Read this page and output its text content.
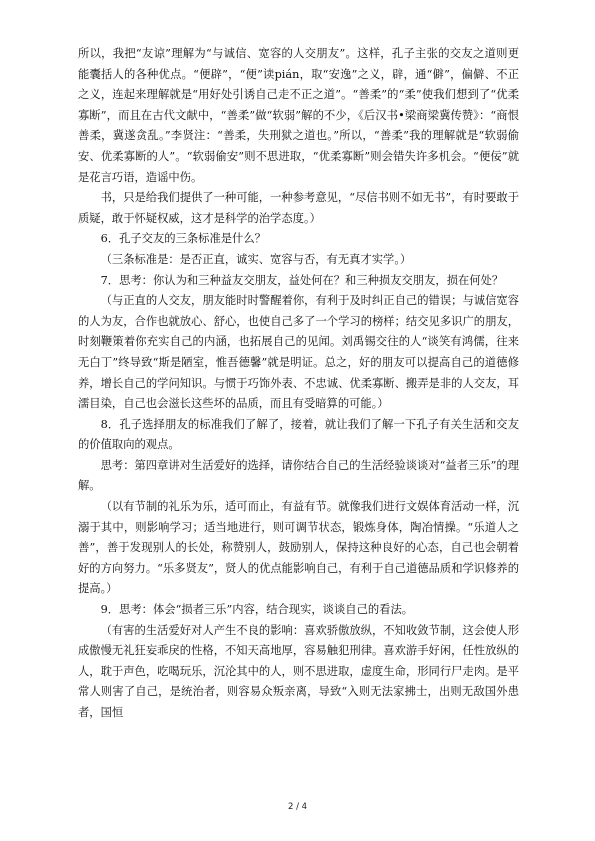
所以，我把“友谅”理解为“与诚信、宽容的人交朋友”。这样，孔子主张的交友之道则更能囊括人的各种优点。“便辟”，“便”读pián，取“安逸”之义，辟，通“僻”，偏僻、不正之义，连起来理解就是“用好处引诱自己走不正之道”。“善柔”的“柔”使我们想到了“优柔寡断”，而且在古代文献中，“善柔”做“软弱”解的不少，《后汉书•梁商梁冀传赞》：“商恨善柔，冀遂贪乱。”李贤注：“善柔，失刑狱之道也。”所以，“善柔”我的理解就是“软弱偷安、优柔寡断的人”。“软弱偷安”则不思进取，“优柔寡断”则会错失许多机会。“便佞”就是花言巧语，造谣中伤。

书，只是给我们提供了一种可能，一种参考意见，“尽信书则不如无书”，有时要敢于质疑，敢于怀疑权威，这才是科学的治学态度。）

6．孔子交友的三条标准是什么？

（三条标准是：是否正直，诚实、宽容与否，有无真才实学。）

7．思考：你认为和三种益友交朋友，益处何在？和三种损友交朋友，损在何处？

（与正直的人交友，朋友能时时警醒着你，有利于及时纠正自己的错误；与诚信宽容的人为友，合作也就放心、舒心，也使自己多了一个学习的榜样；结交见多识广的朋友，时刻鞭策着你充实自己的内涵，也拓展自己的见闻。刘禹锡交往的人“谈笑有鸿儒，往来无白丁”终导致“斯是陋室，惟吾德馨”就是明证。总之，好的朋友可以提高自己的道德修养，增长自己的学问知识。与惯于巧饰外表、不忠诚、优柔寡断、搬弄是非的人交友，耳濡目染，自己也会滋长这些坏的品质，而且有受暗算的可能。）

8．孔子选择朋友的标准我们了解了，接着，就让我们了解一下孔子有关生活和交友的价值取向的观点。

思考：第四章讲对生活爱好的选择，请你结合自己的生活经验谈谈对“益者三乐”的理解。

（以有节制的礼乐为乐，适可而止，有益有节。就像我们进行文娱体育活动一样，沉溺于其中，则影响学习；适当地进行，则可调节状态，锻炼身体，陶冶情操。“乐道人之善”，善于发现别人的长处，称赞别人，鼓励别人，保持这种良好的心态，自己也会朝着好的方向努力。“乐多贤友”，贤人的优点能影响自己，有利于自己道德品质和学识修养的提高。）

9．思考：体会“损者三乐”内容，结合现实，谈谈自己的看法。

（有害的生活爱好对人产生不良的影响：喜欢骄傲放纵，不知收敛节制，这会使人形成傲慢无礼狂妄乖戾的性格，不知天高地厚，容易触犯刑律。喜欢游手好闲，任性放纵的人，耽于声色，吃喝玩乐，沉沦其中的人，则不思进取，虚度生命，形同行尸走肉。是平常人则害了自己，是统治者，则容易众叛亲离，导致“入则无法家拂士，出则无敌国外患者，国恒

2 / 4
